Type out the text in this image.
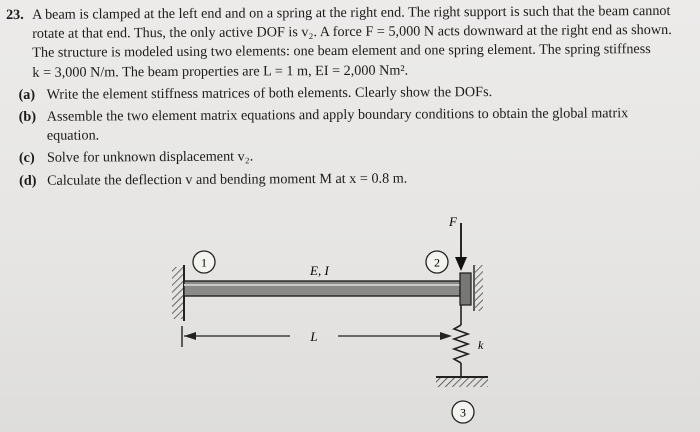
23. A beam is clamped at the left end and on a spring at the right end. The right support is such that the beam cannot
rotate at that end. Thus, the only active DOF is v₂. A force F = 5,000 N acts downward at the right end as shown.
The structure is modeled using two elements: one beam element and one spring element. The spring stiffness
k = 3,000 N/m. The beam properties are L = 1 m, EI = 2,000 Nm².
(a) Write the element stiffness matrices of both elements. Clearly show the DOFs.
(b) Assemble the two element matrix equations and apply boundary conditions to obtain the global matrix
equation.
(c) Solve for unknown displacement v₂.
(d) Calculate the deflection v and bending moment M at x = 0.8 m.
E, I
1	2
F
k
3
L
